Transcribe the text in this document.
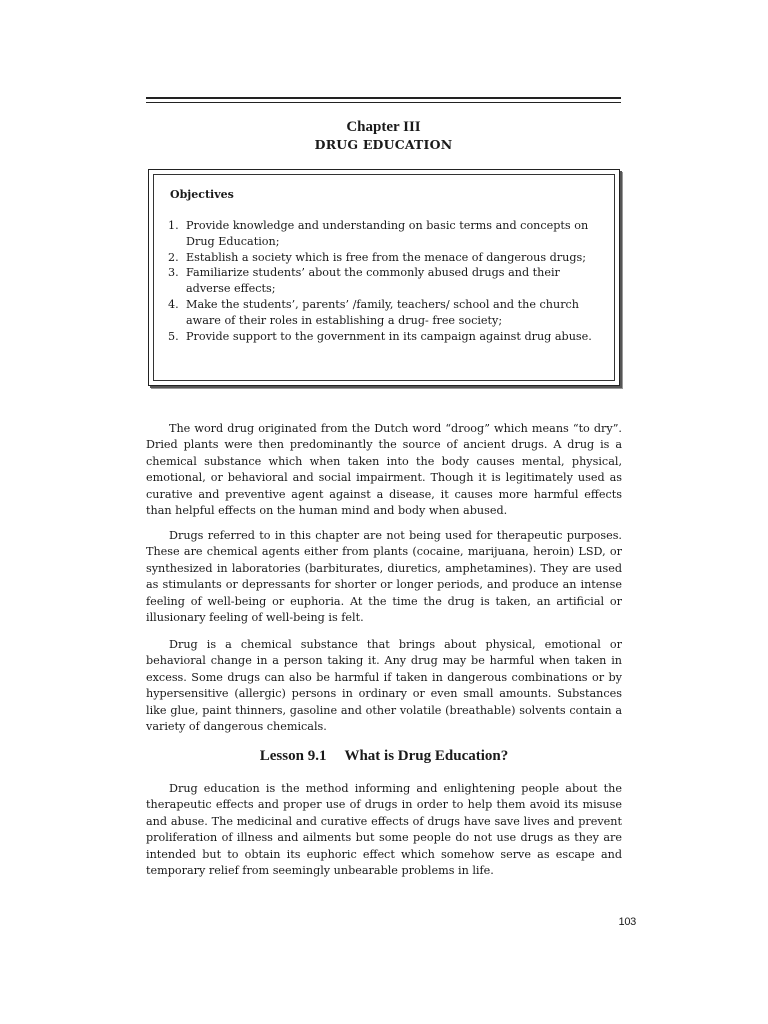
Chapter III
DRUG EDUCATION
Objectives
1. Provide knowledge and understanding on basic terms and concepts on Drug Education;
2. Establish a society which is free from the menace of dangerous drugs;
3. Familiarize students’ about the commonly abused drugs and their adverse effects;
4. Make the students’, parents’ /family, teachers/ school and the church aware of their roles in establishing a drug- free society;
5. Provide support to the government in its campaign against drug abuse.

The word drug originated from the Dutch word “droog” which means “to dry”. Dried plants were then predominantly the source of ancient drugs. A drug is a chemical substance which when taken into the body causes mental, physical, emotional, or behavioral and social impairment. Though it is legitimately used as curative and preventive agent against a disease, it causes more harmful effects than helpful effects on the human mind and body when abused.

Drugs referred to in this chapter are not being used for therapeutic purposes. These are chemical agents either from plants (cocaine, marijuana, heroin) LSD, or synthesized in laboratories (barbiturates, diuretics, amphetamines). They are used as stimulants or depressants for shorter or longer periods, and produce an intense feeling of well-being or euphoria. At the time the drug is taken, an artificial or illusionary feeling of well-being is felt.

Drug is a chemical substance that brings about physical, emotional or behavioral change in a person taking it. Any drug may be harmful when taken in excess. Some drugs can also be harmful if taken in dangerous combinations or by hypersensitive (allergic) persons in ordinary or even small amounts. Substances like glue, paint thinners, gasoline and other volatile (breathable) solvents contain a variety of dangerous chemicals.

Lesson 9.1 What is Drug Education?

Drug education is the method informing and enlightening people about the therapeutic effects and proper use of drugs in order to help them avoid its misuse and abuse. The medicinal and curative effects of drugs have save lives and prevent proliferation of illness and ailments but some people do not use drugs as they are intended but to obtain its euphoric effect which somehow serve as escape and temporary relief from seemingly unbearable problems in life.

103
